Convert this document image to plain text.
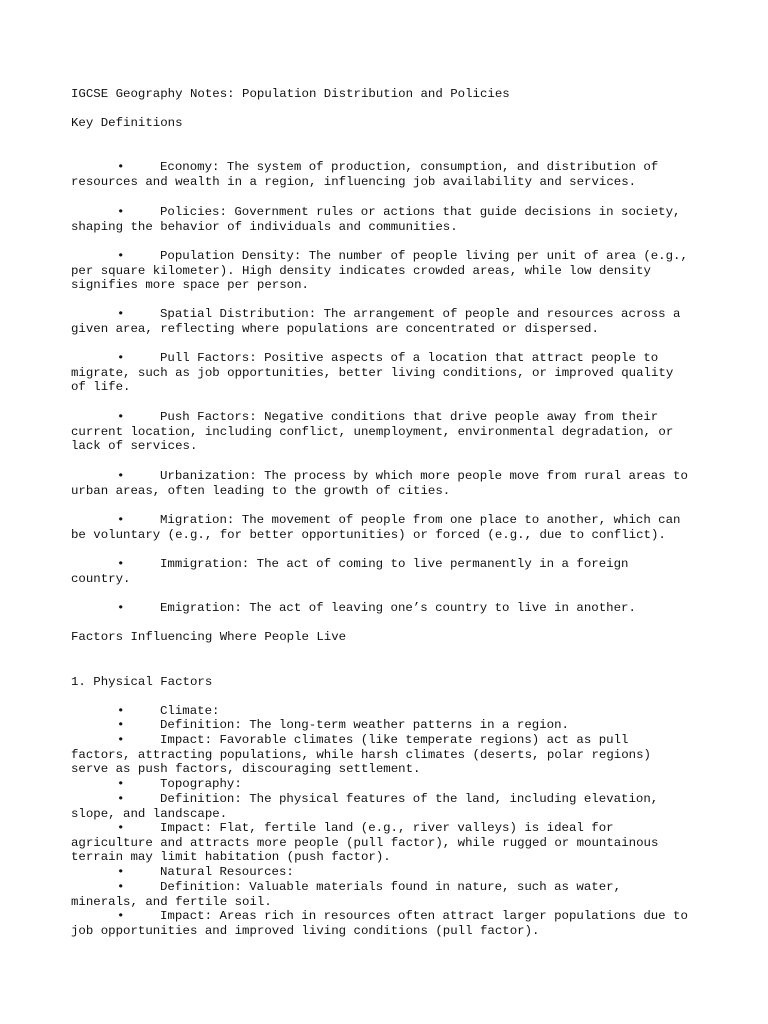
IGCSE Geography Notes: Population Distribution and Policies
Key Definitions
•	Economy: The system of production, consumption, and distribution of
resources and wealth in a region, influencing job availability and services.

•	Policies: Government rules or actions that guide decisions in society,
shaping the behavior of individuals and communities.

•	Population Density: The number of people living per unit of area (e.g.,
per square kilometer). High density indicates crowded areas, while low density
signifies more space per person.

•	Spatial Distribution: The arrangement of people and resources across a
given area, reflecting where populations are concentrated or dispersed.

•	Pull Factors: Positive aspects of a location that attract people to
migrate, such as job opportunities, better living conditions, or improved quality
of life.

•	Push Factors: Negative conditions that drive people away from their
current location, including conflict, unemployment, environmental degradation, or
lack of services.

•	Urbanization: The process by which more people move from rural areas to
urban areas, often leading to the growth of cities.

•	Migration: The movement of people from one place to another, which can
be voluntary (e.g., for better opportunities) or forced (e.g., due to conflict).

•	Immigration: The act of coming to live permanently in a foreign
country.

•	Emigration: The act of leaving one’s country to live in another.

Factors Influencing Where People Live
1. Physical Factors
•	Climate:

•	Definition: The long-term weather patterns in a region.

•	Impact: Favorable climates (like temperate regions) act as pull
factors, attracting populations, while harsh climates (deserts, polar regions)
serve as push factors, discouraging settlement.

•	Topography:

•	Definition: The physical features of the land, including elevation,
slope, and landscape.

•	Impact: Flat, fertile land (e.g., river valleys) is ideal for
agriculture and attracts more people (pull factor), while rugged or mountainous
terrain may limit habitation (push factor).

•	Natural Resources:

•	Definition: Valuable materials found in nature, such as water,
minerals, and fertile soil.

•	Impact: Areas rich in resources often attract larger populations due to
job opportunities and improved living conditions (pull factor).
